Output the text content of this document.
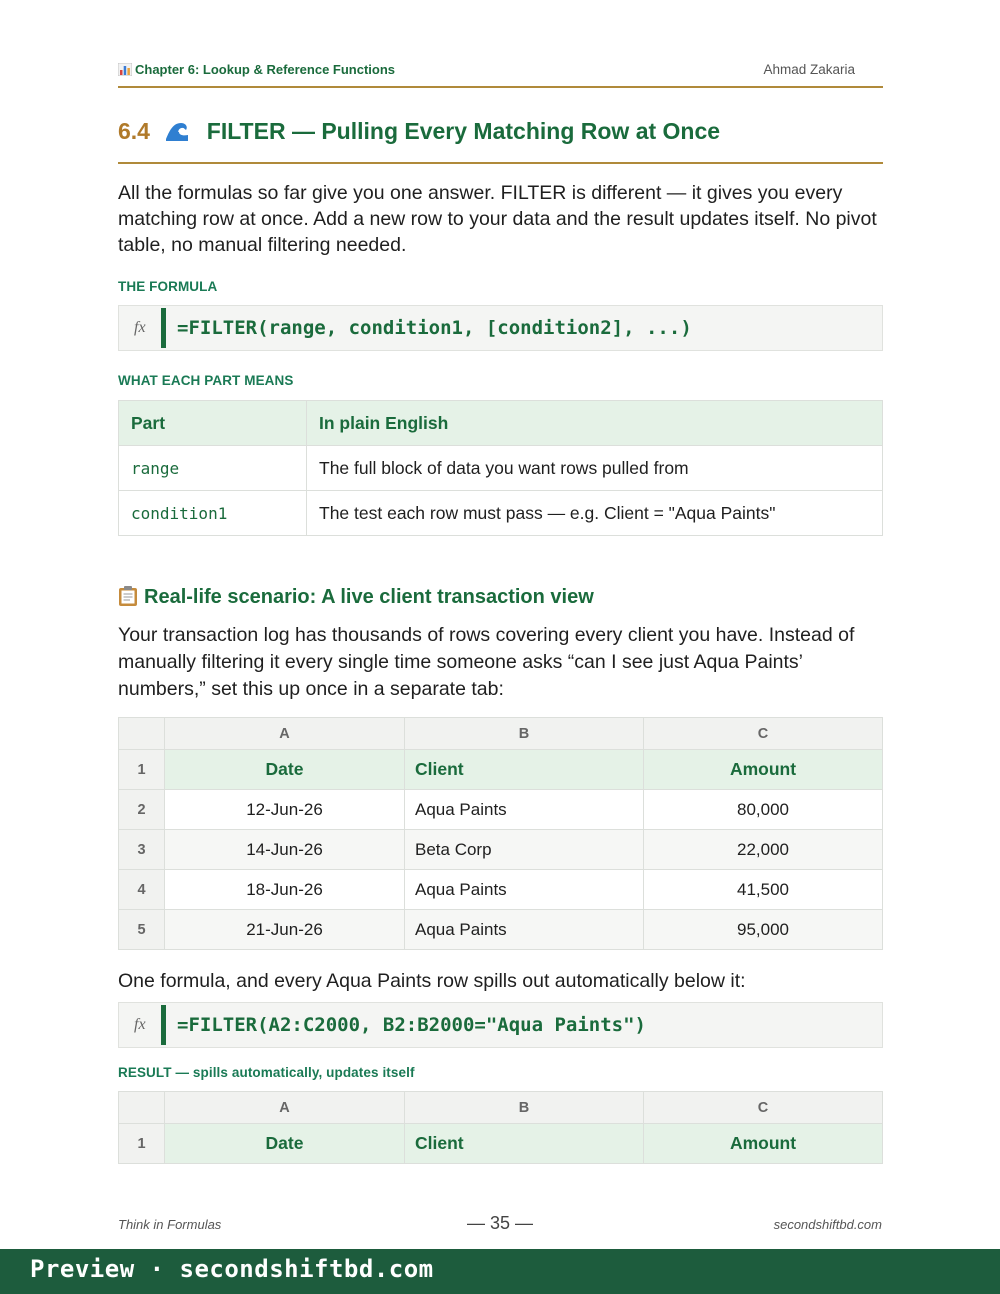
Chapter 6: Lookup & Reference Functions	Ahmad Zakaria
6.4 FILTER — Pulling Every Matching Row at Once

All the formulas so far give you one answer. FILTER is different — it gives you every matching row at once. Add a new row to your data and the result updates itself. No pivot table, no manual filtering needed.

THE FORMULA
fx =FILTER(range, condition1, [condition2], ...)
WHAT EACH PART MEANS
Part	In plain English
range	The full block of data you want rows pulled from
condition1	The test each row must pass — e.g. Client = "Aqua Paints"
Real-life scenario: A live client transaction view

Your transaction log has thousands of rows covering every client you have. Instead of manually filtering it every single time someone asks “can I see just Aqua Paints’ numbers,” set this up once in a separate tab:

	A	B	C
1	Date	Client	Amount
2	12-Jun-26	Aqua Paints	80,000
3	14-Jun-26	Beta Corp	22,000
4	18-Jun-26	Aqua Paints	41,500
5	21-Jun-26	Aqua Paints	95,000

One formula, and every Aqua Paints row spills out automatically below it:

fx =FILTER(A2:C2000, B2:B2000="Aqua Paints")
RESULT — spills automatically, updates itself
	A	B	C
1	Date	Client	Amount
Think in Formulas	— 35 —	secondshiftbd.com
Preview · secondshiftbd.com
